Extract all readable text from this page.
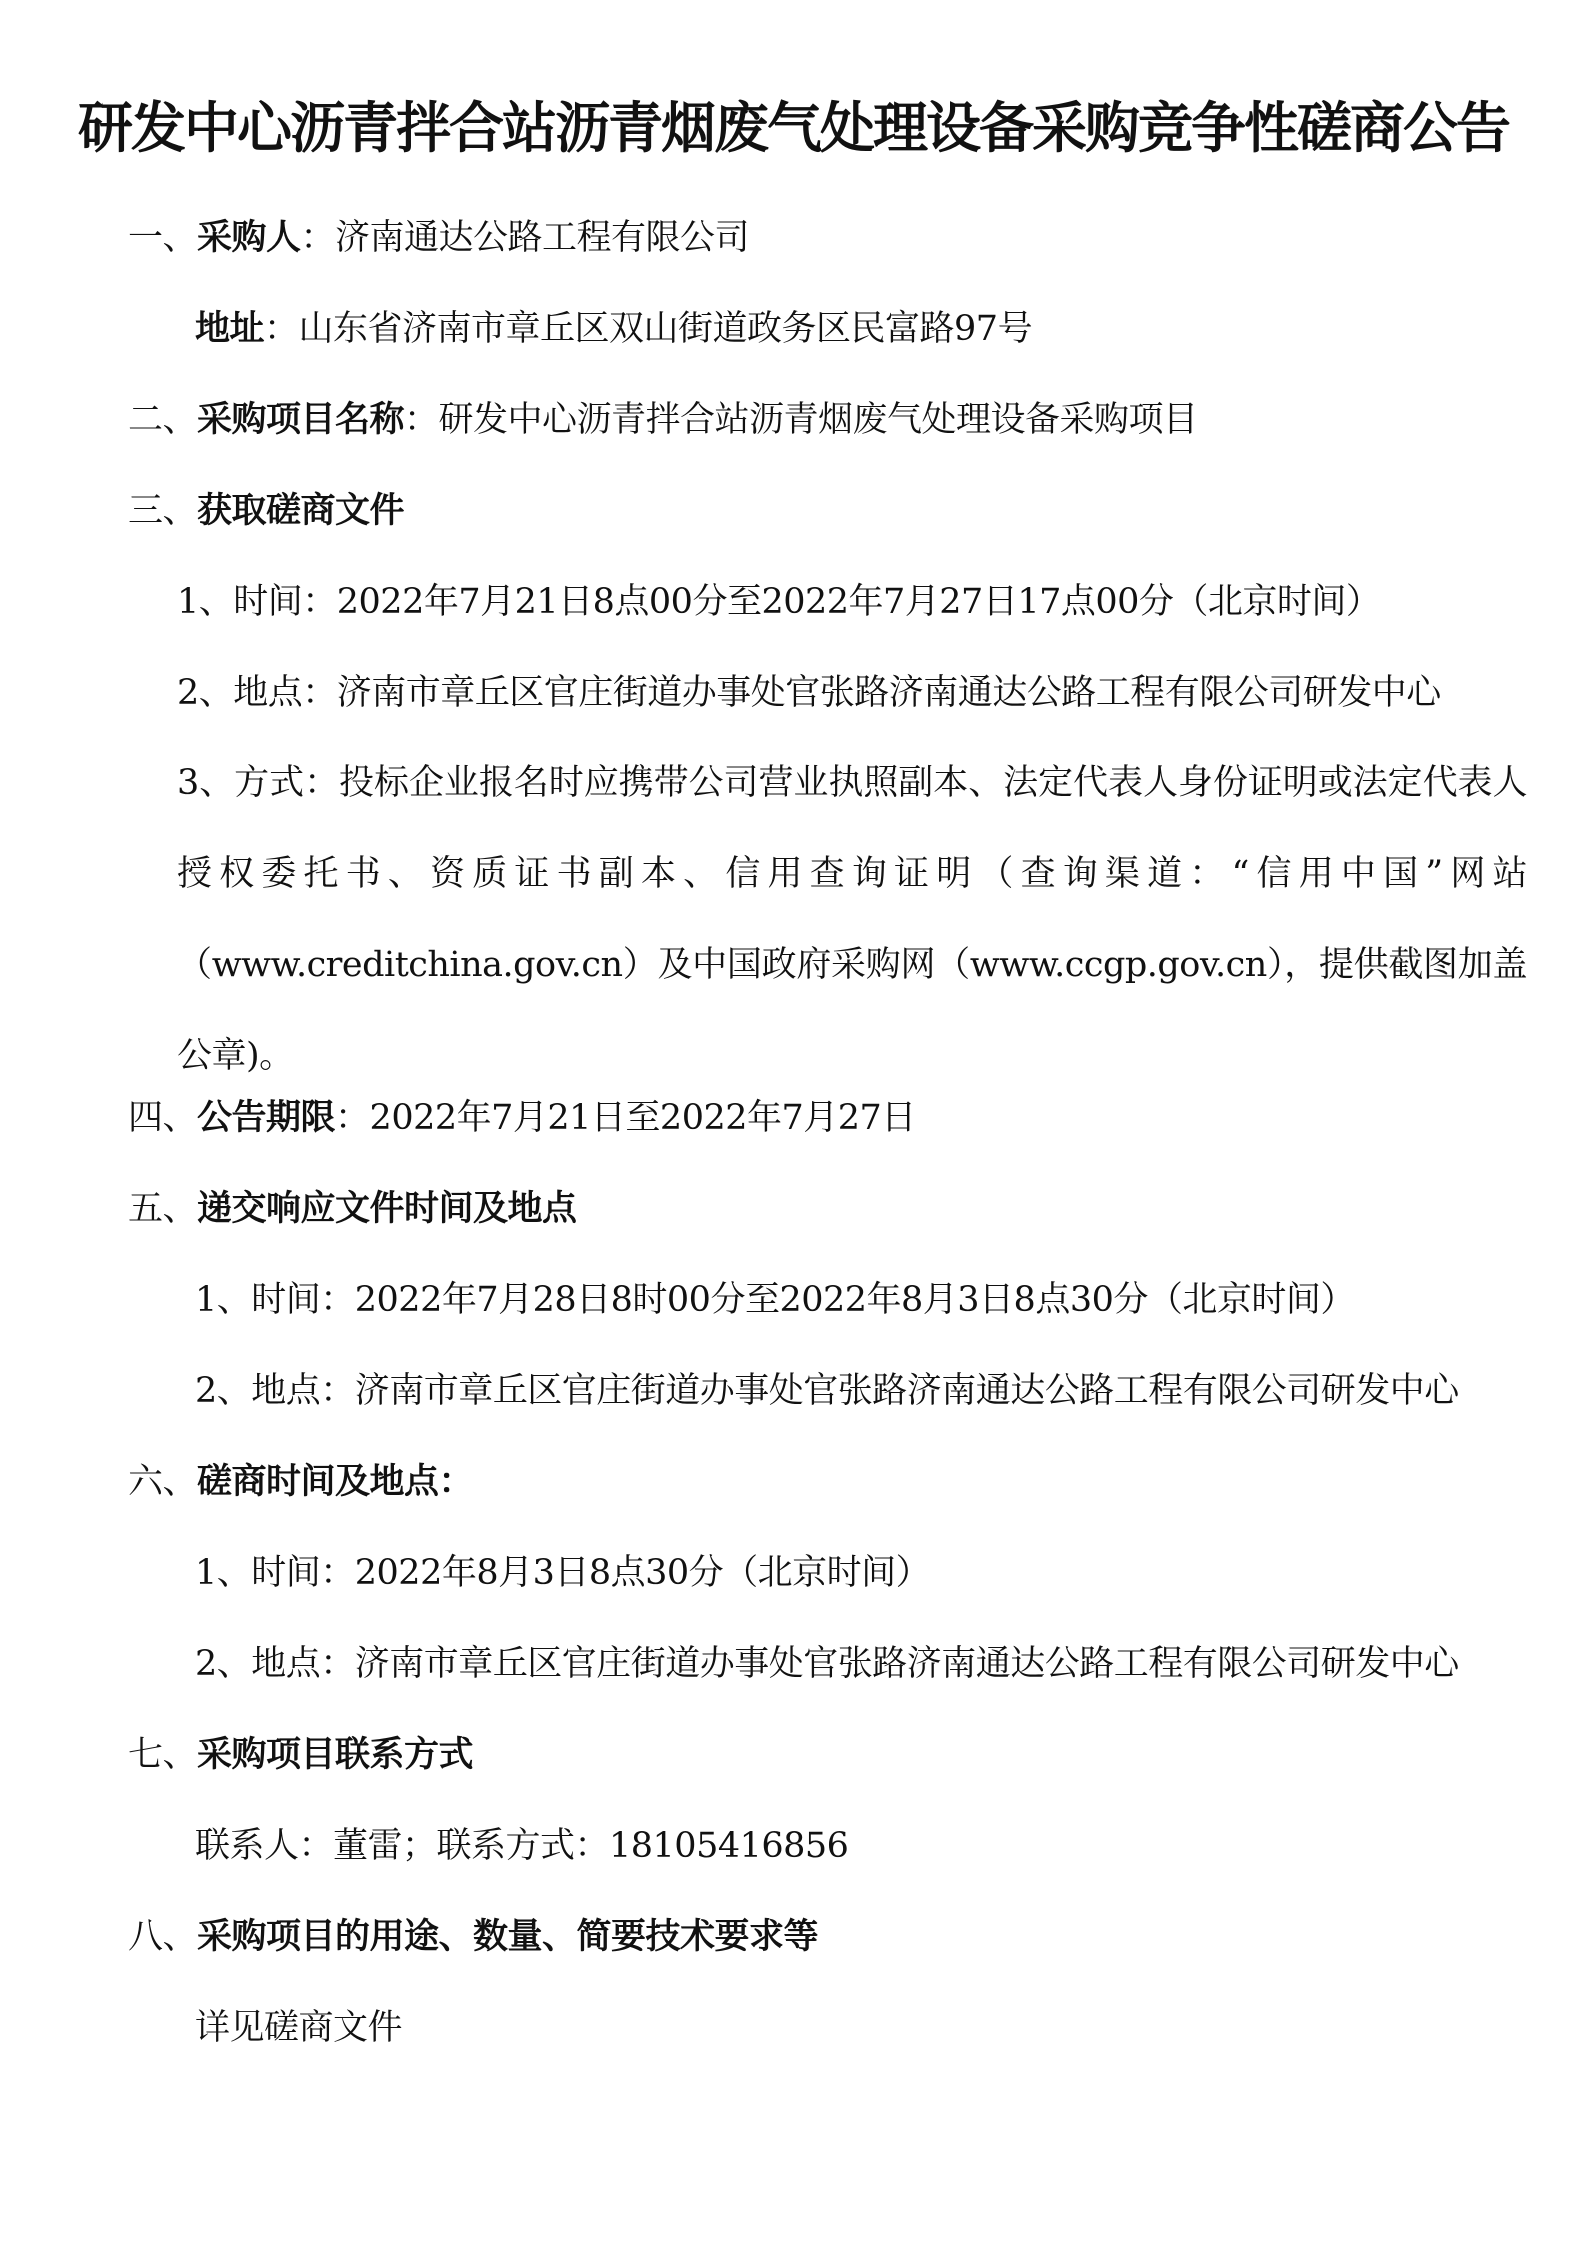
研发中心沥青拌合站沥青烟废气处理设备采购竞争性磋商公告
一、采购人：济南通达公路工程有限公司
地址：山东省济南市章丘区双山街道政务区民富路97号
二、采购项目名称：研发中心沥青拌合站沥青烟废气处理设备采购项目
三、获取磋商文件
1、时间：2022年7月21日8点00分至2022年7月27日17点00分（北京时间）
2、地点：济南市章丘区官庄街道办事处官张路济南通达公路工程有限公司研发中心
3、方式：投标企业报名时应携带公司营业执照副本、法定代表人身份证明或法定代表人授权委托书、资质证书副本、信用查询证明（查询渠道：“信用中国”网站（www.creditchina.gov.cn）及中国政府采购网（www.ccgp.gov.cn），提供截图加盖公章)。
四、公告期限：2022年7月21日至2022年7月27日
五、递交响应文件时间及地点
1、时间：2022年7月28日8时00分至2022年8月3日8点30分（北京时间）
2、地点：济南市章丘区官庄街道办事处官张路济南通达公路工程有限公司研发中心
六、磋商时间及地点：
1、时间：2022年8月3日8点30分（北京时间）
2、地点：济南市章丘区官庄街道办事处官张路济南通达公路工程有限公司研发中心
七、采购项目联系方式
联系人：董雷；联系方式：18105416856
八、采购项目的用途、数量、简要技术要求等
详见磋商文件
